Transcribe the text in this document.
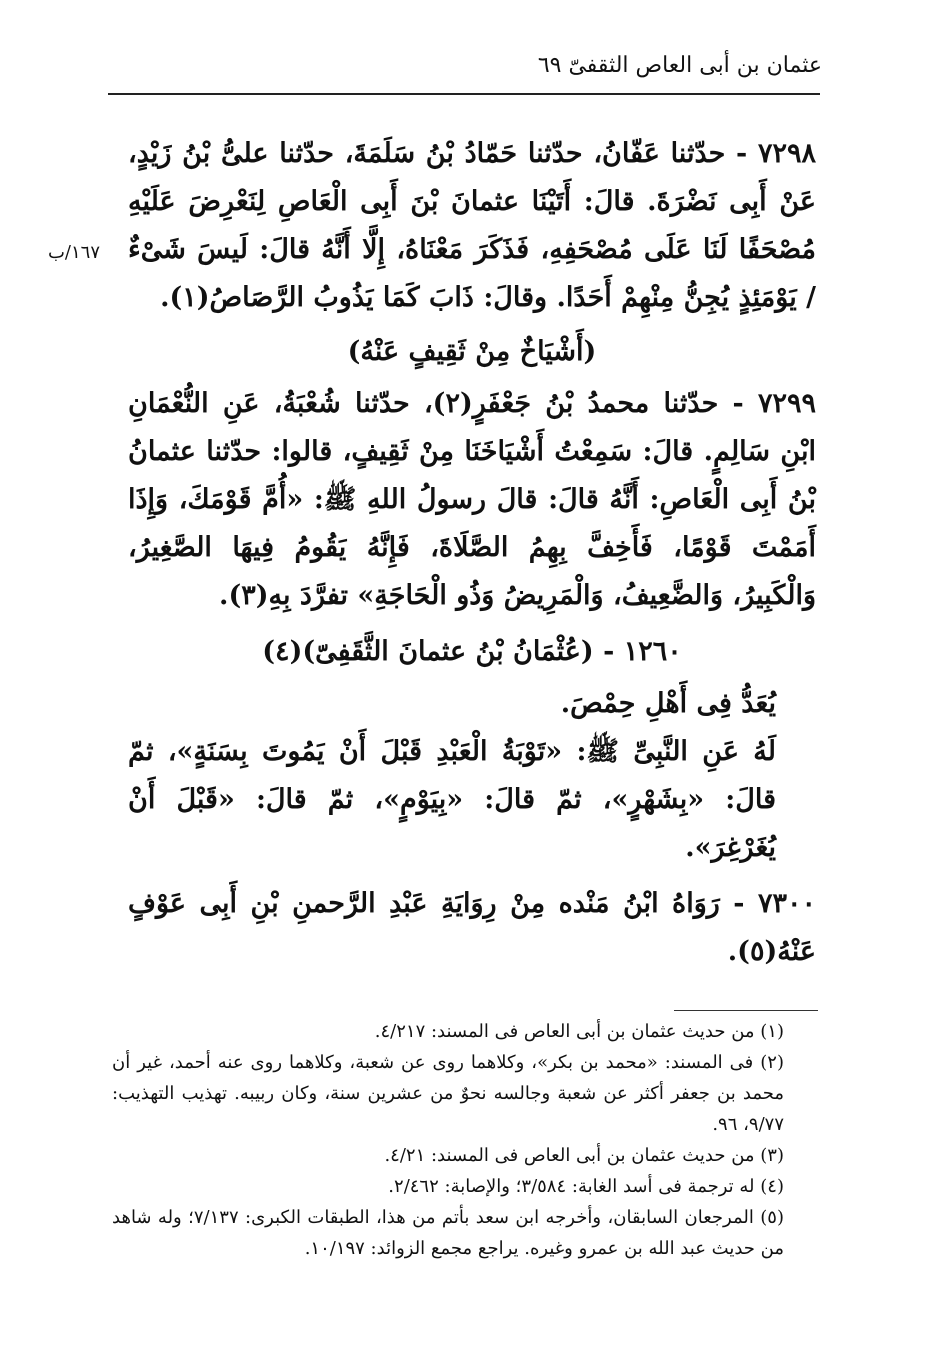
عثمان بن أبى العاص الثقفىّ ٦٩
١٦٧/ب

٧٢٩٨ - حدّثنا عَفّانُ، حدّثنا حَمّادُ بْنُ سَلَمَةَ، حدّثنا علىُّ بْنُ زَيْدٍ، عَنْ أَبِى نَضْرَةَ. قالَ: أَتَيْنَا عثمانَ بْنَ أَبِى الْعَاصِ لِنَعْرِضَ عَلَيْهِ مُصْحَفًا لَنَا عَلَى مُصْحَفِهِ، فَذَكَرَ مَعْنَاهُ، إِلَّا أَنَّهُ قالَ: لَيسَ شَىْءٌ / يَوْمَئِذٍ يُجِنُّ مِنْهِمْ أَحَدًا. وقالَ: ذَابَ كَمَا يَذُوبُ الرَّصَاصُ(١).

(أَشْيَاخٌ مِنْ ثَقِيفٍ عَنْهُ)

٧٢٩٩ - حدّثنا محمدُ بْنُ جَعْفَرٍ(٢)، حدّثنا شُعْبَةُ، عَنِ النُّعْمَانِ ابْنِ سَالِمٍ. قالَ: سَمِعْتُ أَشْيَاخَنَا مِنْ ثَقِيفٍ، قالوا: حدّثنا عثمانُ بْنُ أَبِى الْعَاصِ: أَنَّهُ قالَ: قالَ رسولُ اللهِ ﷺ: «أُمَّ قَوْمَكَ، وَإِذَا أَمَمْتَ قَوْمًا، فَأَخِفَّ بِهِمُ الصَّلَاةَ، فَإِنَّهُ يَقُومُ فِيهَا الصَّغِيرُ، وَالْكَبِيرُ، وَالضَّعِيفُ، وَالْمَرِيضُ وَذُو الْحَاجَةِ» تفرَّدَ بِهِ(٣).

١٢٦٠ - (عُثْمَانُ بْنُ عثمانَ الثَّقَفِىّ)(٤)

يُعَدُّ فِى أَهْلِ حِمْصَ.

لَهُ عَنِ النَّبِىِّ ﷺ: «تَوْبَةُ الْعَبْدِ قَبْلَ أَنْ يَمُوتَ بِسَنَةٍ»، ثمّ قالَ: «بِشَهْرٍ»، ثمّ قالَ: «بِيَوْمٍ»، ثمّ قالَ: «قَبْلَ أَنْ يُغَرْغِرَ».

٧٣٠٠ - رَوَاهُ ابْنُ مَنْده مِنْ رِوَايَةِ عَبْدِ الرَّحمنِ بْنِ أَبِى عَوْفٍ عَنْهُ(٥).

(١) من حديث عثمان بن أبى العاص فى المسند: ٤/٢١٧.

(٢) فى المسند: «محمد بن بكر»، وكلاهما روى عن شعبة، وكلاهما روى عنه أحمد، غير أن محمد بن جعفر أكثر عن شعبة وجالسه نحوٌ من عشرين سنة، وكان ربيبه. تهذيب التهذيب: ٩/٧٧، ٩٦.

(٣) من حديث عثمان بن أبى العاص فى المسند: ٤/٢١.

(٤) له ترجمة فى أسد الغابة: ٣/٥٨٤؛ والإصابة: ٢/٤٦٢.

(٥) المرجعان السابقان، وأخرجه ابن سعد بأتم من هذا، الطبقات الكبرى: ٧/١٣٧؛ وله شاهد من حديث عبد الله بن عمرو وغيره. يراجع مجمع الزوائد: ١٠/١٩٧.
